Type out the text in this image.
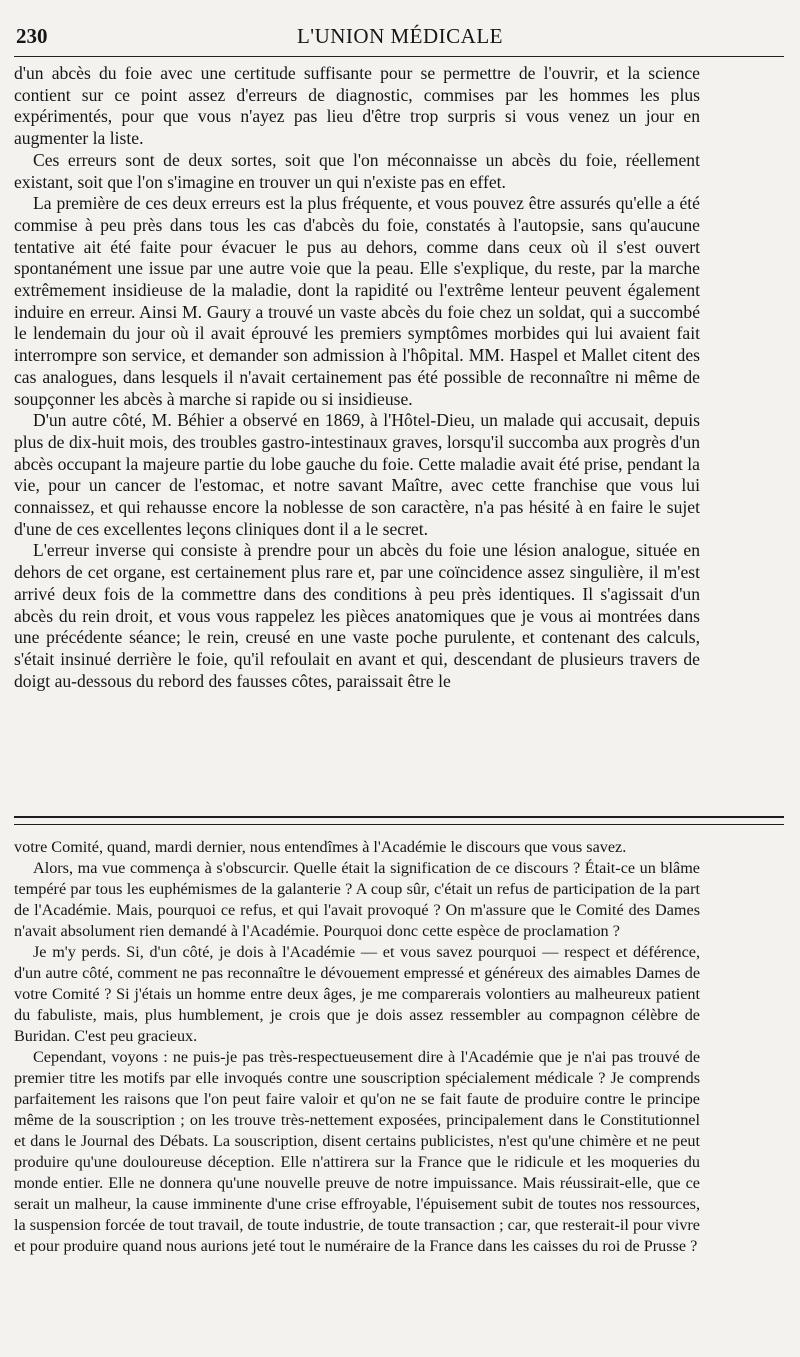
230	L'UNION MÉDICALE

d'un abcès du foie avec une certitude suffisante pour se permettre de l'ouvrir, et la science contient sur ce point assez d'erreurs de diagnostic, commises par les hommes les plus expérimentés, pour que vous n'ayez pas lieu d'être trop surpris si vous venez un jour en augmenter la liste.

Ces erreurs sont de deux sortes, soit que l'on méconnaisse un abcès du foie, réellement existant, soit que l'on s'imagine en trouver un qui n'existe pas en effet.

La première de ces deux erreurs est la plus fréquente, et vous pouvez être assurés qu'elle a été commise à peu près dans tous les cas d'abcès du foie, constatés à l'autopsie, sans qu'aucune tentative ait été faite pour évacuer le pus au dehors, comme dans ceux où il s'est ouvert spontanément une issue par une autre voie que la peau. Elle s'explique, du reste, par la marche extrêmement insidieuse de la maladie, dont la rapidité ou l'extrême lenteur peuvent également induire en erreur. Ainsi M. Gaury a trouvé un vaste abcès du foie chez un soldat, qui a succombé le lendemain du jour où il avait éprouvé les premiers symptômes morbides qui lui avaient fait interrompre son service, et demander son admission à l'hôpital. MM. Haspel et Mallet citent des cas analogues, dans lesquels il n'avait certainement pas été possible de reconnaître ni même de soupçonner les abcès à marche si rapide ou si insidieuse.

D'un autre côté, M. Béhier a observé en 1869, à l'Hôtel-Dieu, un malade qui accusait, depuis plus de dix-huit mois, des troubles gastro-intestinaux graves, lorsqu'il succomba aux progrès d'un abcès occupant la majeure partie du lobe gauche du foie. Cette maladie avait été prise, pendant la vie, pour un cancer de l'estomac, et notre savant Maître, avec cette franchise que vous lui connaissez, et qui rehausse encore la noblesse de son caractère, n'a pas hésité à en faire le sujet d'une de ces excellentes leçons cliniques dont il a le secret.

L'erreur inverse qui consiste à prendre pour un abcès du foie une lésion analogue, située en dehors de cet organe, est certainement plus rare et, par une coïncidence assez singulière, il m'est arrivé deux fois de la commettre dans des conditions à peu près identiques. Il s'agissait d'un abcès du rein droit, et vous vous rappelez les pièces anatomiques que je vous ai montrées dans une précédente séance; le rein, creusé en une vaste poche purulente, et contenant des calculs, s'était insinué derrière le foie, qu'il refoulait en avant et qui, descendant de plusieurs travers de doigt au-dessous du rebord des fausses côtes, paraissait être le

votre Comité, quand, mardi dernier, nous entendîmes à l'Académie le discours que vous savez.

Alors, ma vue commença à s'obscurcir. Quelle était la signification de ce discours ? Était-ce un blâme tempéré par tous les euphémismes de la galanterie ? A coup sûr, c'était un refus de participation de la part de l'Académie. Mais, pourquoi ce refus, et qui l'avait provoqué ? On m'assure que le Comité des Dames n'avait absolument rien demandé à l'Académie. Pourquoi donc cette espèce de proclamation ?

Je m'y perds. Si, d'un côté, je dois à l'Académie — et vous savez pourquoi — respect et déférence, d'un autre côté, comment ne pas reconnaître le dévouement empressé et généreux des aimables Dames de votre Comité ? Si j'étais un homme entre deux âges, je me comparerais volontiers au malheureux patient du fabuliste, mais, plus humblement, je crois que je dois assez ressembler au compagnon célèbre de Buridan. C'est peu gracieux.

Cependant, voyons : ne puis-je pas très-respectueusement dire à l'Académie que je n'ai pas trouvé de premier titre les motifs par elle invoqués contre une souscription spécialement médicale ? Je comprends parfaitement les raisons que l'on peut faire valoir et qu'on ne se fait faute de produire contre le principe même de la souscription ; on les trouve très-nettement exposées, principalement dans le Constitutionnel et dans le Journal des Débats. La souscription, disent certains publicistes, n'est qu'une chimère et ne peut produire qu'une douloureuse déception. Elle n'attirera sur la France que le ridicule et les moqueries du monde entier. Elle ne donnera qu'une nouvelle preuve de notre impuissance. Mais réussirait-elle, que ce serait un malheur, la cause imminente d'une crise effroyable, l'épuisement subit de toutes nos ressources, la suspension forcée de tout travail, de toute industrie, de toute transaction ; car, que resterait-il pour vivre et pour produire quand nous aurions jeté tout le numéraire de la France dans les caisses du roi de Prusse ?
